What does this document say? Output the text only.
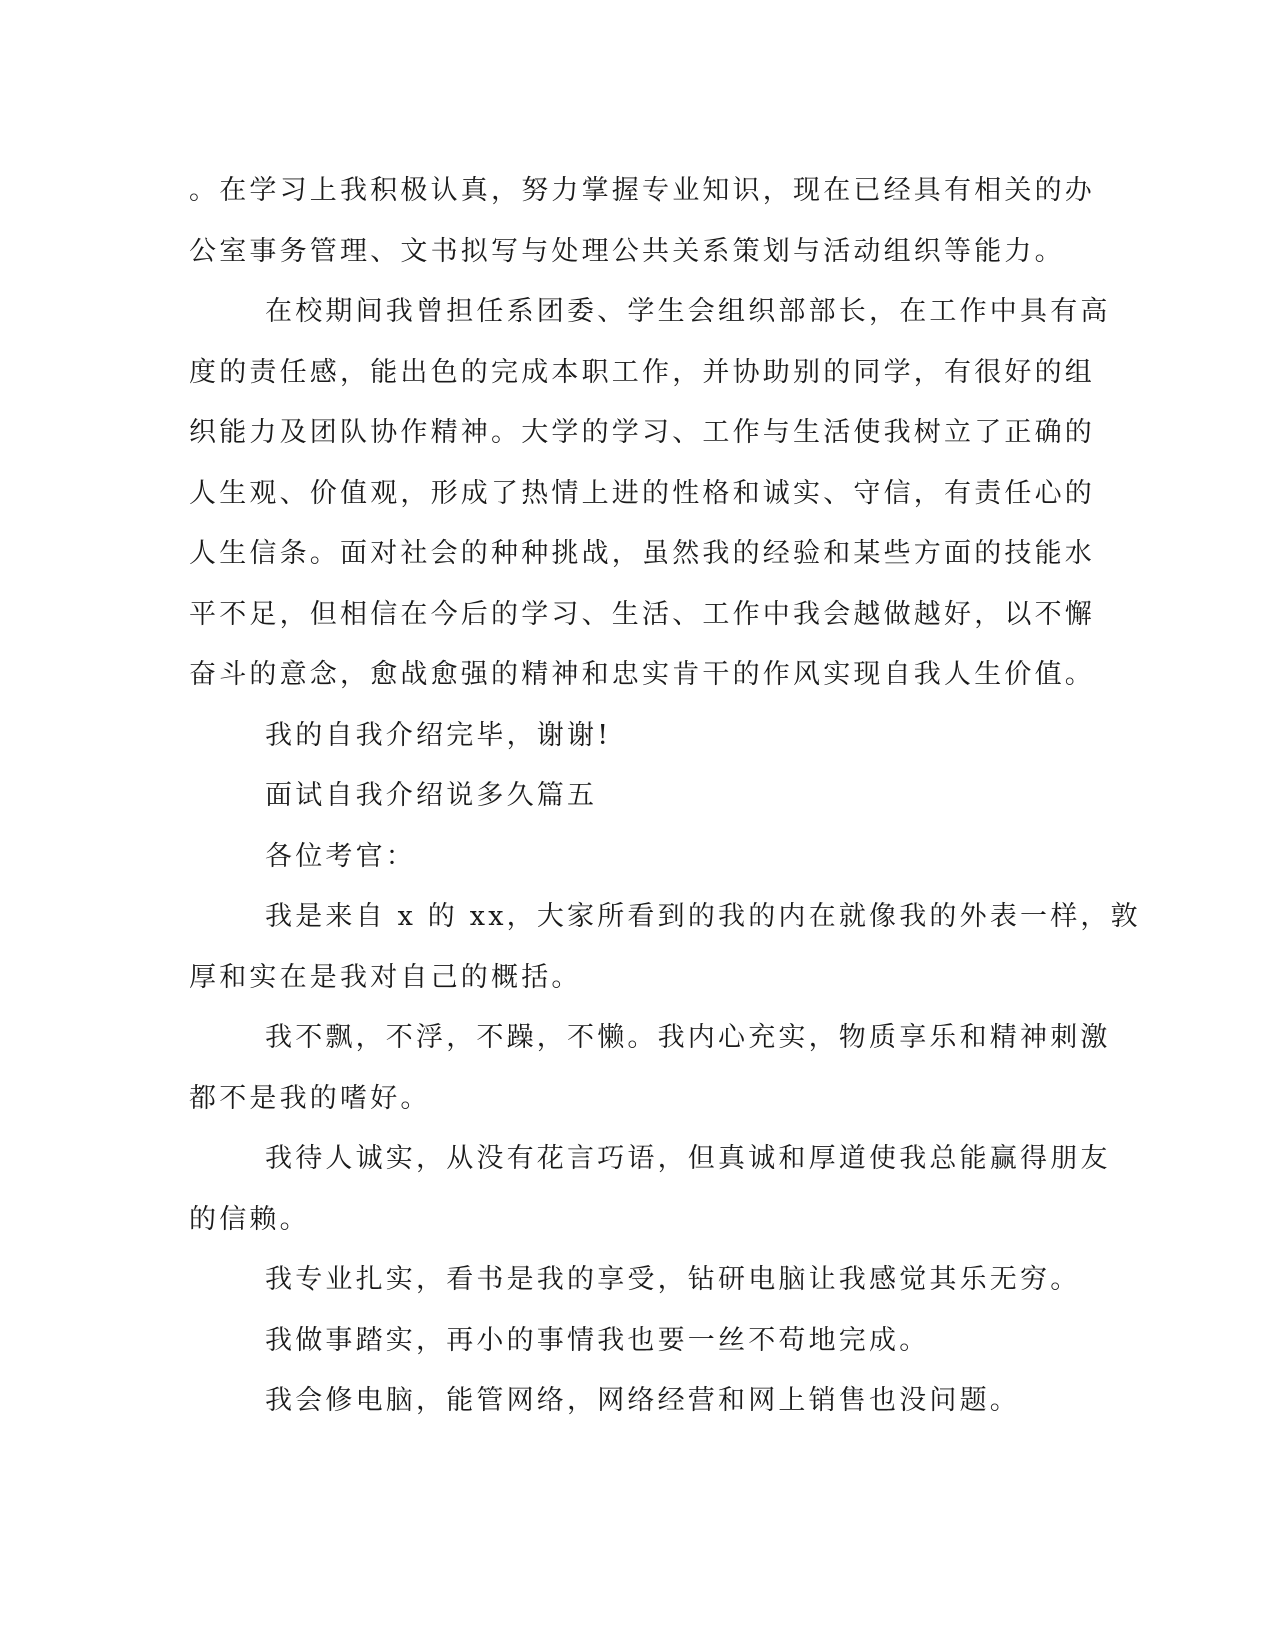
。在学习上我积极认真，努力掌握专业知识，现在已经具有相关的办

公室事务管理、文书拟写与处理公共关系策划与活动组织等能力。

在校期间我曾担任系团委、学生会组织部部长，在工作中具有高

度的责任感，能出色的完成本职工作，并协助别的同学，有很好的组

织能力及团队协作精神。大学的学习、工作与生活使我树立了正确的

人生观、价值观，形成了热情上进的性格和诚实、守信，有责任心的

人生信条。面对社会的种种挑战，虽然我的经验和某些方面的技能水

平不足，但相信在今后的学习、生活、工作中我会越做越好，以不懈

奋斗的意念，愈战愈强的精神和忠实肯干的作风实现自我人生价值。

我的自我介绍完毕，谢谢!

面试自我介绍说多久篇五

各位考官：

我是来自 x 的 xx，大家所看到的我的内在就像我的外表一样，敦

厚和实在是我对自己的概括。

我不飘，不浮，不躁，不懒。我内心充实，物质享乐和精神刺激

都不是我的嗜好。

我待人诚实，从没有花言巧语，但真诚和厚道使我总能赢得朋友

的信赖。

我专业扎实，看书是我的享受，钻研电脑让我感觉其乐无穷。

我做事踏实，再小的事情我也要一丝不苟地完成。

我会修电脑，能管网络，网络经营和网上销售也没问题。
